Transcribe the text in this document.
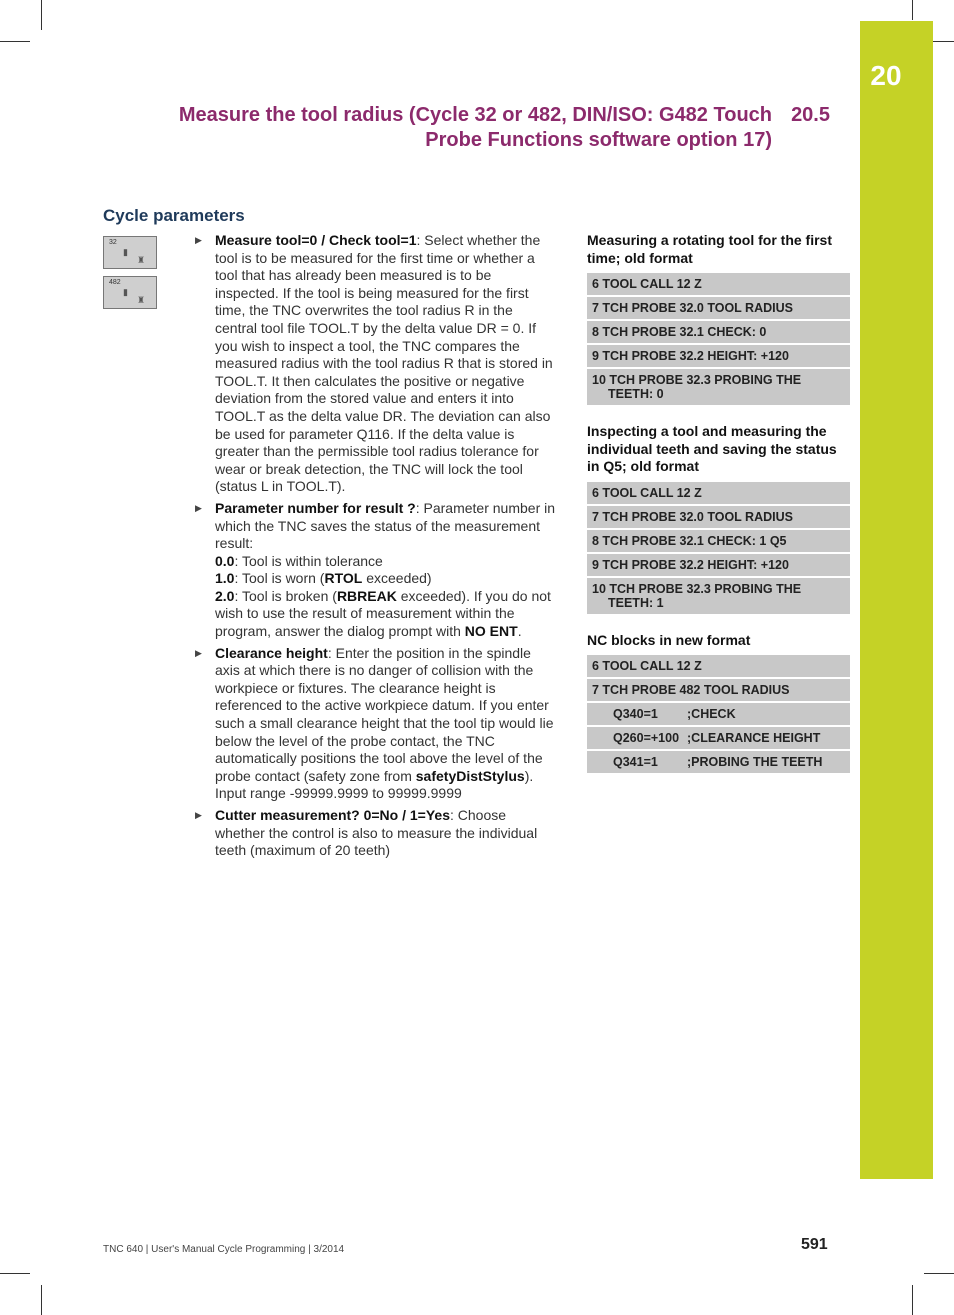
20
Measure the tool radius (Cycle 32 or 482, DIN/ISO: G482 Touch 20.5
Probe Functions software option 17)
Cycle parameters
32
▮
♜
482
▮
♜
▶ Measure tool=0 / Check tool=1: Select whether the tool is to be measured for the first time or whether a tool that has already been measured is to be inspected. If the tool is being measured for the first time, the TNC overwrites the tool radius R in the central tool file TOOL.T by the delta value DR = 0. If you wish to inspect a tool, the TNC compares the measured radius with the tool radius R that is stored in TOOL.T. It then calculates the positive or negative deviation from the stored value and enters it into TOOL.T as the delta value DR. The deviation can also be used for parameter Q116. If the delta value is greater than the permissible tool radius tolerance for wear or break detection, the TNC will lock the tool (status L in TOOL.T).

▶ Parameter number for result ?: Parameter number in which the TNC saves the status of the measurement result:

0.0: Tool is within tolerance

1.0: Tool is worn (RTOL exceeded)

2.0: Tool is broken (RBREAK exceeded). If you do not wish to use the result of measurement within the program, answer the dialog prompt with NO ENT.

▶ Clearance height: Enter the position in the spindle axis at which there is no danger of collision with the workpiece or fixtures. The clearance height is referenced to the active workpiece datum. If you enter such a small clearance height that the tool tip would lie below the level of the probe contact, the TNC automatically positions the tool above the level of the probe contact (safety zone from safetyDistStylus). Input range -99999.9999 to 99999.9999

▶ Cutter measurement? 0=No / 1=Yes: Choose whether the control is also to measure the individual teeth (maximum of 20 teeth)

Measuring a rotating tool for the first time; old format
6 TOOL CALL 12 Z
7 TCH PROBE 32.0 TOOL RADIUS
8 TCH PROBE 32.1 CHECK: 0
9 TCH PROBE 32.2 HEIGHT: +120
10 TCH PROBE 32.3 PROBING THE
TEETH: 0
Inspecting a tool and measuring the individual teeth and saving the status in Q5; old format
6 TOOL CALL 12 Z
7 TCH PROBE 32.0 TOOL RADIUS
8 TCH PROBE 32.1 CHECK: 1 Q5
9 TCH PROBE 32.2 HEIGHT: +120
10 TCH PROBE 32.3 PROBING THE
TEETH: 1
NC blocks in new format
6 TOOL CALL 12 Z
7 TCH PROBE 482 TOOL RADIUS
Q340=1 ;CHECK
Q260=+100 ;CLEARANCE HEIGHT
Q341=1 ;PROBING THE TEETH
TNC 640 | User's Manual Cycle Programming | 3/2014	591
